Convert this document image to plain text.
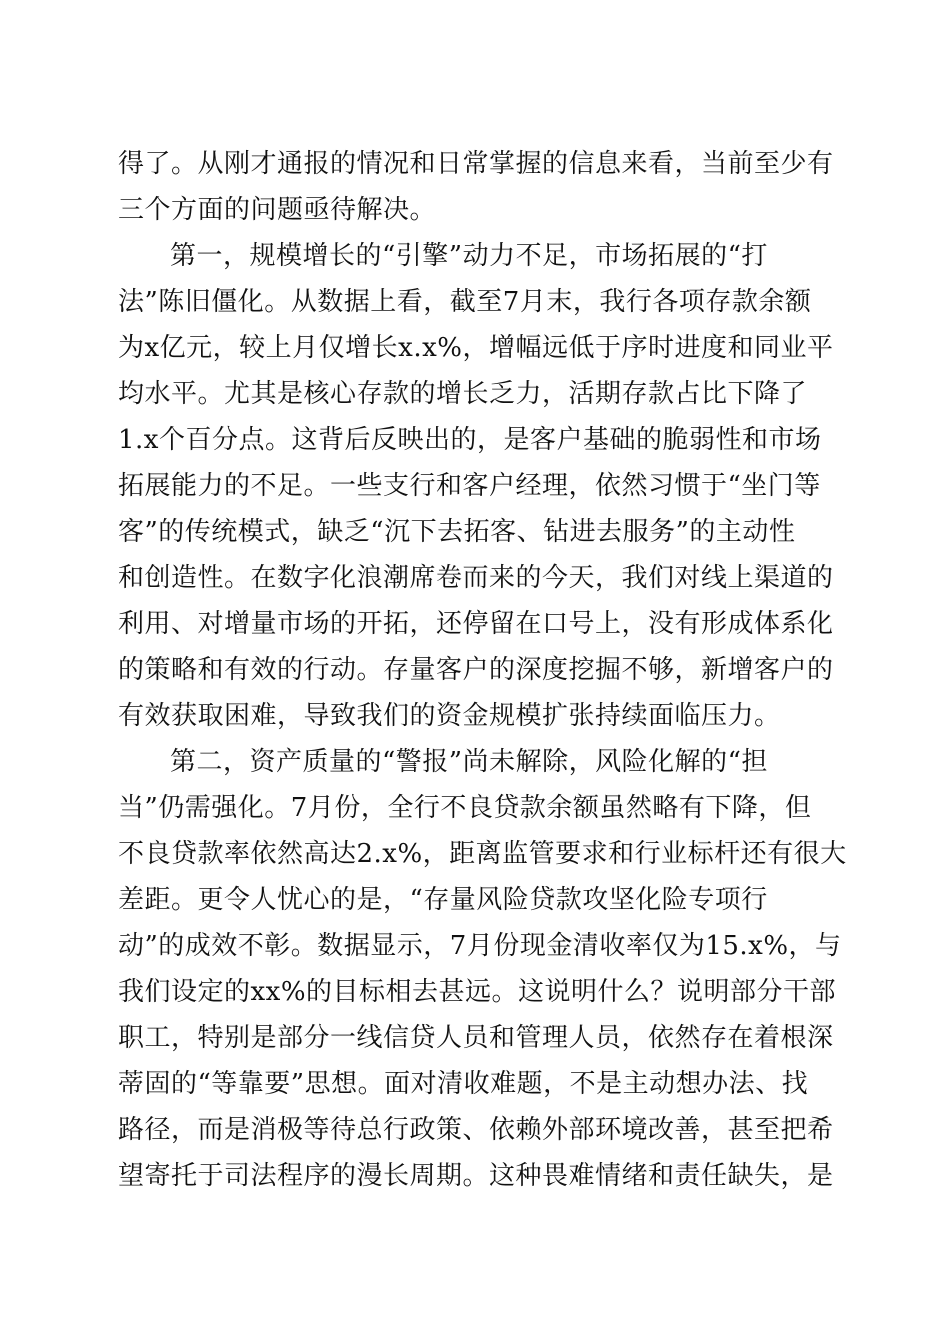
得了。从刚才通报的情况和日常掌握的信息来看，当前至少有
三个方面的问题亟待解决。
第一，规模增长的“引擎”动力不足，市场拓展的“打
法”陈旧僵化。从数据上看，截至7月末，我行各项存款余额
为x亿元，较上月仅增长x.x%，增幅远低于序时进度和同业平
均水平。尤其是核心存款的增长乏力，活期存款占比下降了
1.x个百分点。这背后反映出的，是客户基础的脆弱性和市场
拓展能力的不足。一些支行和客户经理，依然习惯于“坐门等
客”的传统模式，缺乏“沉下去拓客、钻进去服务”的主动性
和创造性。在数字化浪潮席卷而来的今天，我们对线上渠道的
利用、对增量市场的开拓，还停留在口号上，没有形成体系化
的策略和有效的行动。存量客户的深度挖掘不够，新增客户的
有效获取困难，导致我们的资金规模扩张持续面临压力。
第二，资产质量的“警报”尚未解除，风险化解的“担
当”仍需强化。7月份，全行不良贷款余额虽然略有下降，但
不良贷款率依然高达2.x%，距离监管要求和行业标杆还有很大
差距。更令人忧心的是，“存量风险贷款攻坚化险专项行
动”的成效不彰。数据显示，7月份现金清收率仅为15.x%，与
我们设定的xx%的目标相去甚远。这说明什么？说明部分干部
职工，特别是部分一线信贷人员和管理人员，依然存在着根深
蒂固的“等靠要”思想。面对清收难题，不是主动想办法、找
路径，而是消极等待总行政策、依赖外部环境改善，甚至把希
望寄托于司法程序的漫长周期。这种畏难情绪和责任缺失，是
